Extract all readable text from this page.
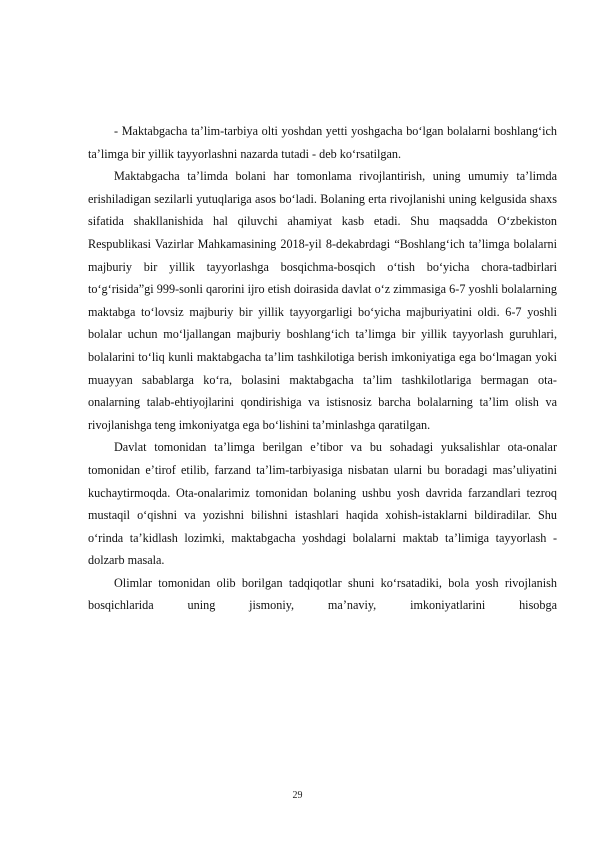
- Maktabgacha taʼlim-tarbiya olti yoshdan yetti yoshgacha boʻlgan bolalarni boshlangʻich taʼlimga bir yillik tayyorlashni nazarda tutadi - deb koʻrsatilgan.

Maktabgacha taʼlimda bolani har tomonlama rivojlantirish, uning umumiy taʼlimda erishiladigan sezilarli yutuqlariga asos boʻladi. Bolaning erta rivojlanishi uning kelgusida shaxs sifatida shakllanishida hal qiluvchi ahamiyat kasb etadi. Shu maqsadda Oʻzbekiston Respublikasi Vazirlar Mahkamasining 2018-yil 8-dekabrdagi “Boshlangʻich taʼlimga bolalarni majburiy bir yillik tayyorlashga bosqichma-bosqich oʻtish boʻyicha chora-tadbirlari toʻgʻrisida”gi 999-sonli qarorini ijro etish doirasida davlat oʻz zimmasiga 6-7 yoshli bolalarning maktabga toʻlovsiz majburiy bir yillik tayyorgarligi boʻyicha majburiyatini oldi. 6-7 yoshli bolalar uchun moʻljallangan majburiy boshlangʻich taʼlimga bir yillik tayyorlash guruhlari, bolalarini toʻliq kunli maktabgacha taʼlim tashkilotiga berish imkoniyatiga ega boʻlmagan yoki muayyan sabablarga koʻra, bolasini maktabgacha taʼlim tashkilotlariga bermagan ota-onalarning talab-ehtiyojlarini qondirishiga va istisnosiz barcha bolalarning taʼlim olish va rivojlanishga teng imkoniyatga ega boʻlishini taʼminlashga qaratilgan.

Davlat tomonidan taʼlimga berilgan eʼtibor va bu sohadagi yuksalishlar ota-onalar tomonidan eʼtirof etilib, farzand taʼlim-tarbiyasiga nisbatan ularni bu boradagi masʼuliyatini kuchaytirmoqda. Ota-onalarimiz tomonidan bolaning ushbu yosh davrida farzandlari tezroq mustaqil oʻqishni va yozishni bilishni istashlari haqida xohish-istaklarni bildiradilar. Shu oʻrinda taʼkidlash lozimki, maktabgacha yoshdagi bolalarni maktab taʼlimiga tayyorlash - dolzarb masala.

Olimlar tomonidan olib borilgan tadqiqotlar shuni koʻrsatadiki, bola yosh rivojlanish bosqichlarida uning jismoniy, maʼnaviy, imkoniyatlarini hisobga

29
